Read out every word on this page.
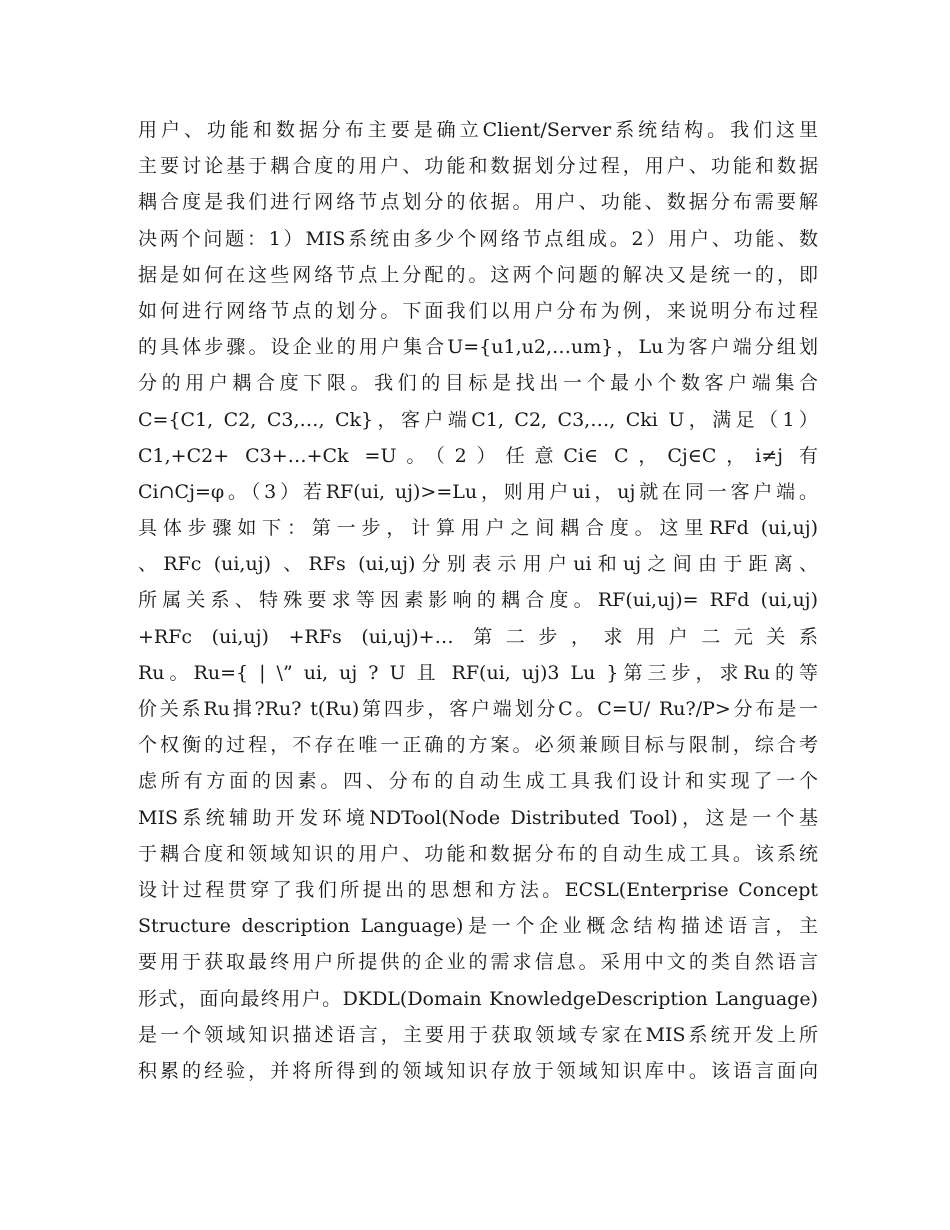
用户、功能和数据分布主要是确立Client/Server系统结构。我们这里
主要讨论基于耦合度的用户、功能和数据划分过程，用户、功能和数据
耦合度是我们进行网络节点划分的依据。用户、功能、数据分布需要解
决两个问题：1）MIS系统由多少个网络节点组成。2）用户、功能、数
据是如何在这些网络节点上分配的。这两个问题的解决又是统一的，即
如何进行网络节点的划分。下面我们以用户分布为例，来说明分布过程
的具体步骤。设企业的用户集合U={u1,u2,…um}，Lu为客户端分组划
分的用户耦合度下限。我们的目标是找出一个最小个数客户端集合
C={C1, C2, C3,…, Ck}，客户端C1, C2, C3,…, Cki U，满足（1）
C1,+C2+ C3+…+Ck =U。（2）任意Ci∈ C，Cj∈C，i≠j 有
Ci∩Cj=φ。（3）若RF(ui, uj)>=Lu，则用户ui，uj就在同一客户端。
具体步骤如下：第一步，计算用户之间耦合度。这里RFd (ui,uj)
、RFc (ui,uj) 、RFs (ui,uj)分别表示用户ui和uj之间由于距离、
所属关系、特殊要求等因素影响的耦合度。RF(ui,uj)= RFd (ui,uj)
+RFc (ui,uj) +RFs (ui,uj)+… 第二步，求用户二元关系
Ru。Ru={ | \” ui, uj ? U 且 RF(ui, uj)3 Lu }第三步，求Ru的等
价关系Ru揖?Ru? t(Ru)第四步，客户端划分C。C=U/ Ru?/P>分布是一
个权衡的过程，不存在唯一正确的方案。必须兼顾目标与限制，综合考
虑所有方面的因素。四、分布的自动生成工具我们设计和实现了一个
MIS系统辅助开发环境NDTool(Node Distributed Tool)，这是一个基
于耦合度和领域知识的用户、功能和数据分布的自动生成工具。该系统
设计过程贯穿了我们所提出的思想和方法。ECSL(Enterprise Concept
Structure description Language)是一个企业概念结构描述语言，主
要用于获取最终用户所提供的企业的需求信息。采用中文的类自然语言
形式，面向最终用户。DKDL(Domain KnowledgeDescription Language)
是一个领域知识描述语言，主要用于获取领域专家在MIS系统开发上所
积累的经验，并将所得到的领域知识存放于领域知识库中。该语言面向
